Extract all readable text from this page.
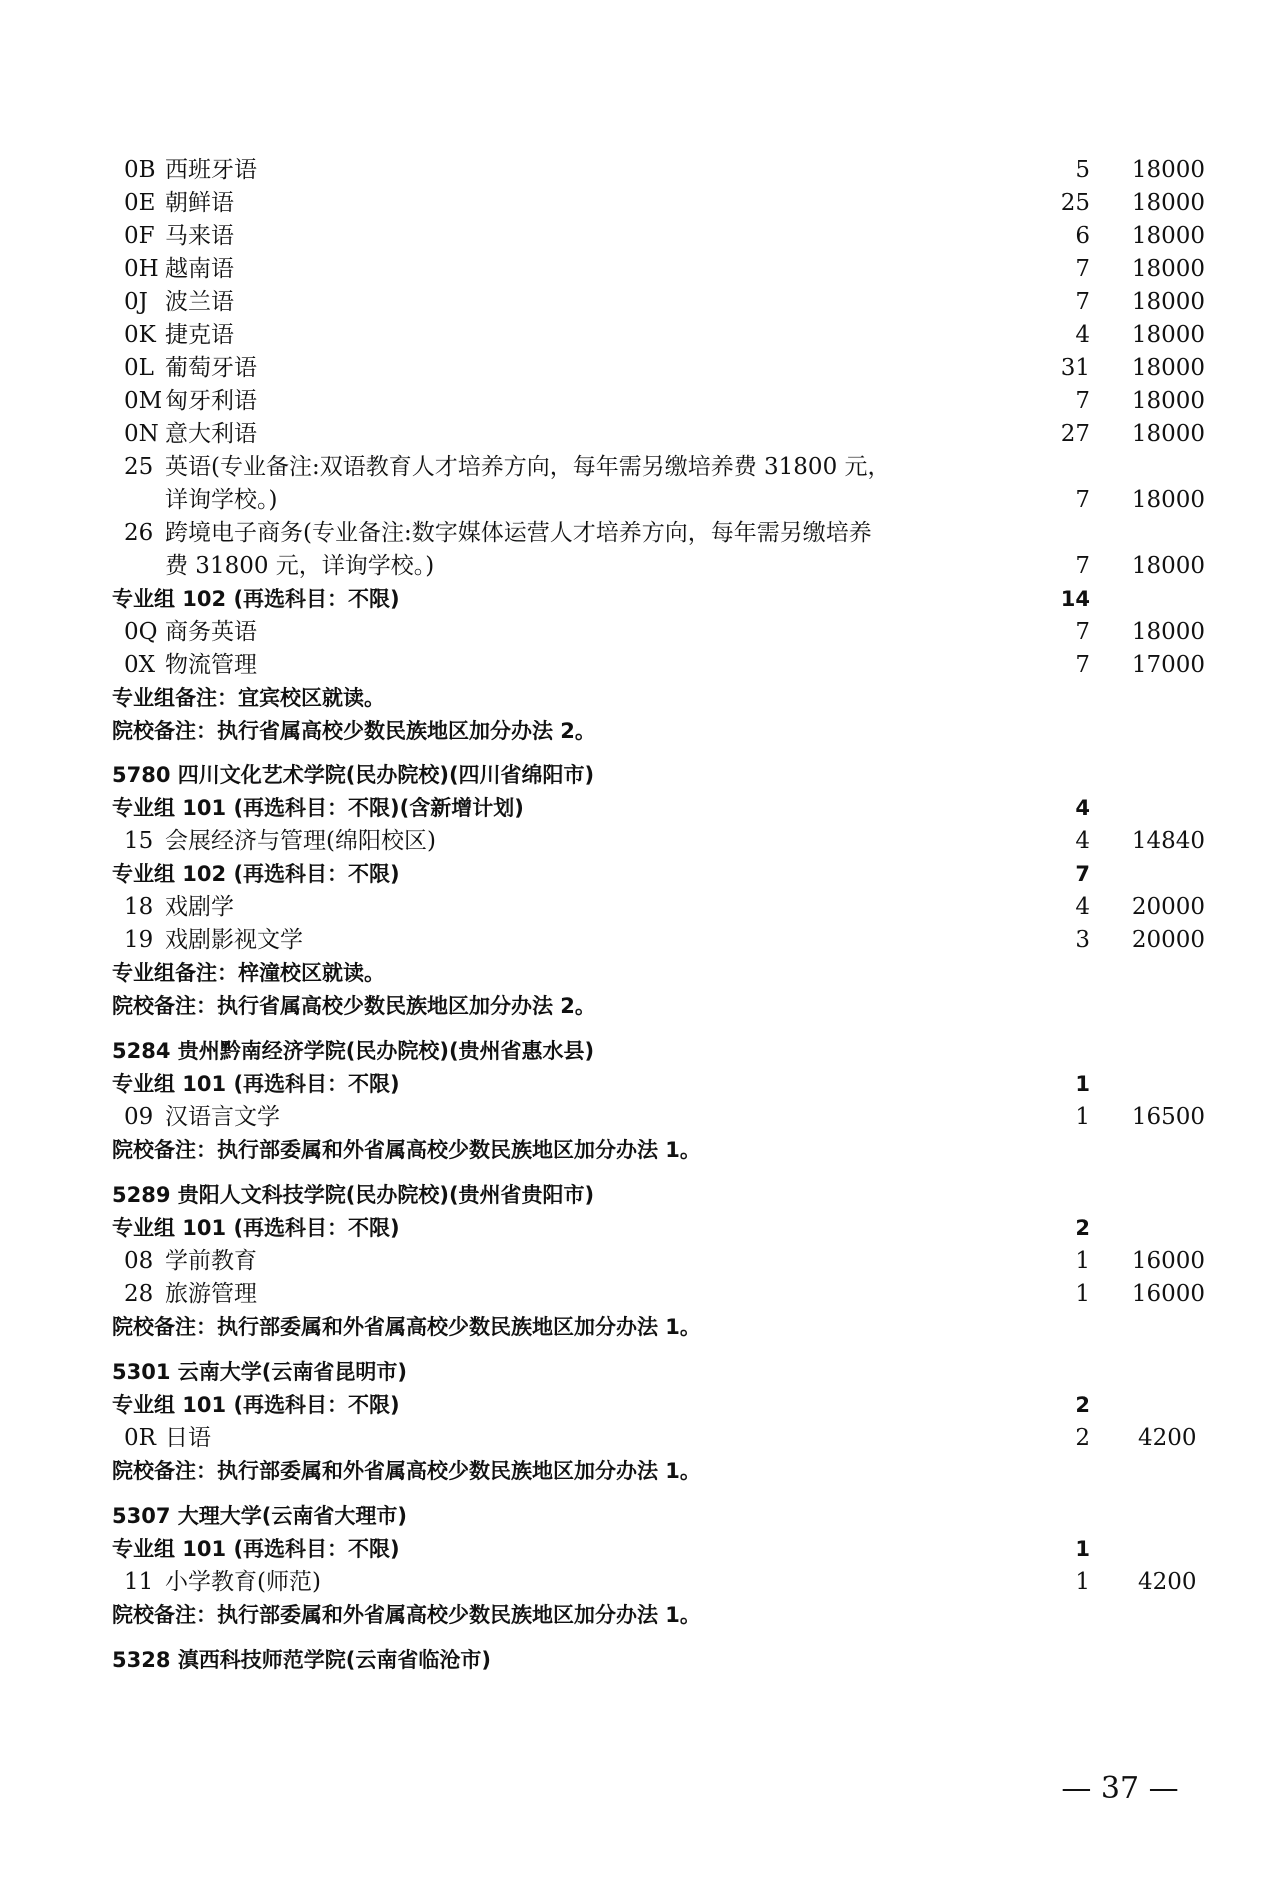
0B 西班牙语	5 18000
0E 朝鲜语	25 18000
0F 马来语	6 18000
0H 越南语	7 18000
0J 波兰语	7 18000
0K 捷克语	4 18000
0L 葡萄牙语	31 18000
0M 匈牙利语	7 18000
0N 意大利语	27 18000
25 英语(专业备注:双语教育人才培养方向，每年需另缴培养费 31800 元，
详询学校。)	7 18000
26 跨境电子商务(专业备注:数字媒体运营人才培养方向，每年需另缴培养
费 31800 元，详询学校。)	7 18000
专业组 102 (再选科目：不限)	14
0Q 商务英语	7 18000
0X 物流管理	7 17000
专业组备注：宜宾校区就读。
院校备注：执行省属高校少数民族地区加分办法 2。
5780 四川文化艺术学院(民办院校)(四川省绵阳市)
专业组 101 (再选科目：不限)(含新增计划)	4
15 会展经济与管理(绵阳校区)	4 14840
专业组 102 (再选科目：不限)	7
18 戏剧学	4 20000
19 戏剧影视文学	3 20000
专业组备注：梓潼校区就读。
院校备注：执行省属高校少数民族地区加分办法 2。
5284 贵州黔南经济学院(民办院校)(贵州省惠水县)
专业组 101 (再选科目：不限)	1
09 汉语言文学	1 16500
院校备注：执行部委属和外省属高校少数民族地区加分办法 1。
5289 贵阳人文科技学院(民办院校)(贵州省贵阳市)
专业组 101 (再选科目：不限)	2
08 学前教育	1 16000
28 旅游管理	1 16000
院校备注：执行部委属和外省属高校少数民族地区加分办法 1。
5301 云南大学(云南省昆明市)
专业组 101 (再选科目：不限)	2
0R 日语	2 4200
院校备注：执行部委属和外省属高校少数民族地区加分办法 1。
5307 大理大学(云南省大理市)
专业组 101 (再选科目：不限)	1
11 小学教育(师范)	1 4200
院校备注：执行部委属和外省属高校少数民族地区加分办法 1。
5328 滇西科技师范学院(云南省临沧市)
— 37 —
